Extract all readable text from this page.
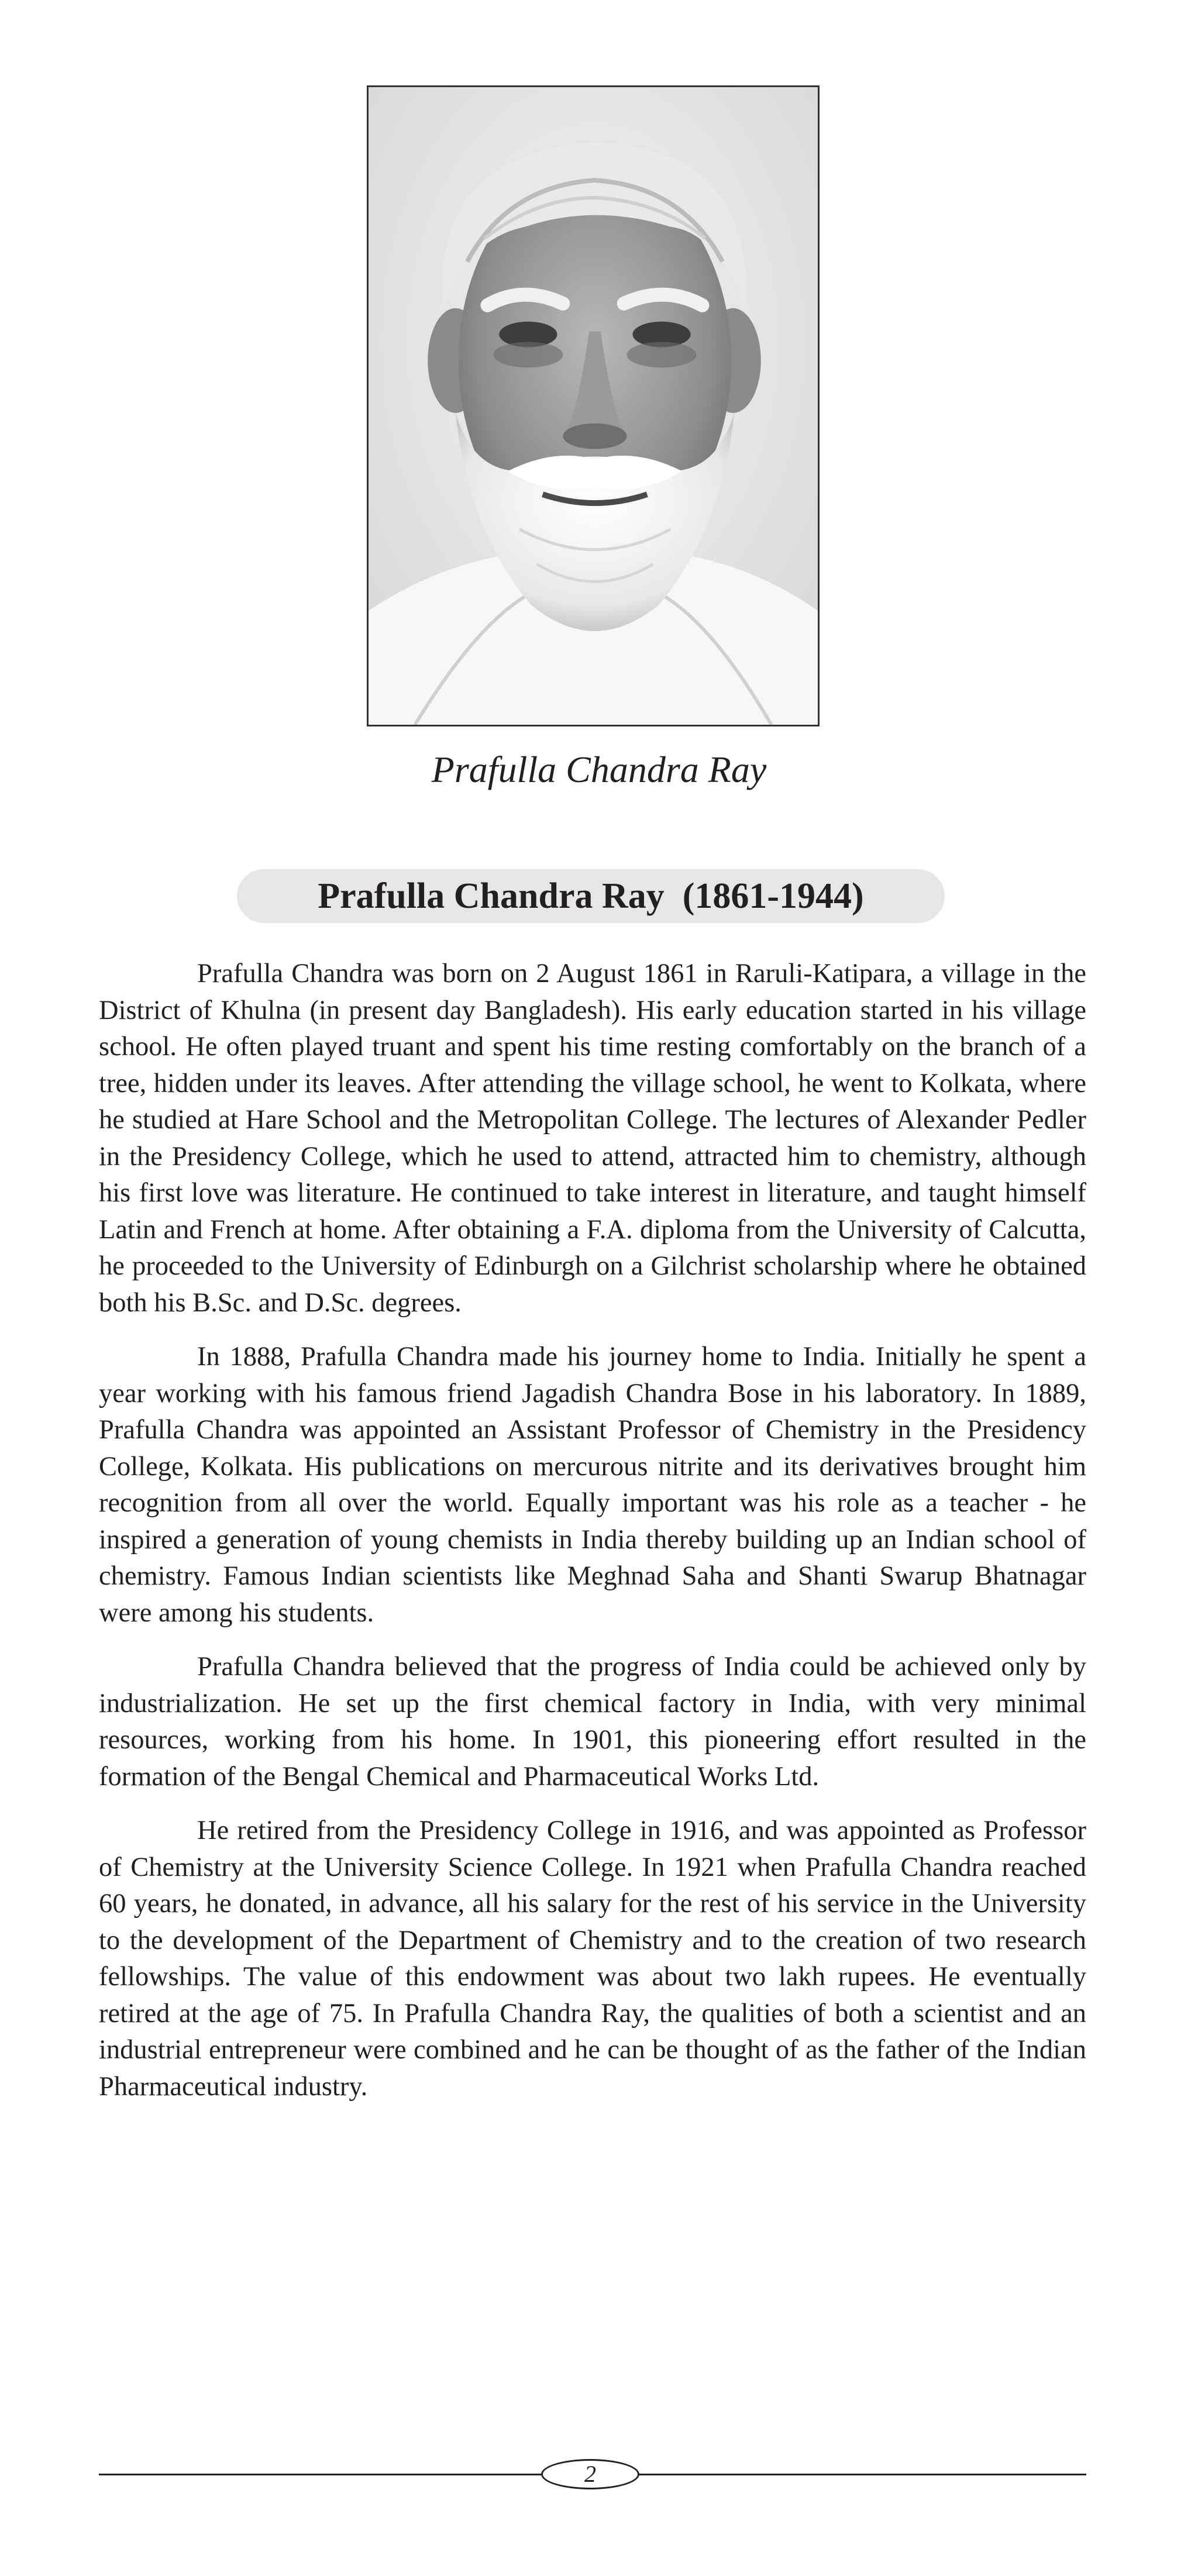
Prafulla Chandra Ray
Prafulla Chandra Ray  (1861-1944)

Prafulla Chandra was born on 2 August 1861 in Raruli-Katipara, a village in the District of Khulna (in present day Bangladesh). His early education started in his village school. He often played truant and spent his time resting comfortably on the branch of a tree, hidden under its leaves. After attending the village school, he went to Kolkata, where he studied at Hare School and the Metropolitan College. The lectures of Alexander Pedler in the Presidency College, which he used to attend, attracted him to chemistry, although his first love was literature. He continued to take interest in literature, and taught himself Latin and French at home. After obtaining a F.A. diploma from the University of Calcutta, he proceeded to the University of Edinburgh on a Gilchrist scholarship where he obtained both his B.Sc. and D.Sc. degrees.

In 1888, Prafulla Chandra made his journey home to India. Initially he spent a year working with his famous friend Jagadish Chandra Bose in his laboratory. In 1889, Prafulla Chandra was appointed an Assistant Professor of Chemistry in the Presidency College, Kolkata. His publications on mercurous nitrite and its derivatives brought him recognition from all over the world. Equally important was his role as a teacher - he inspired a generation of young chemists in India thereby building up an Indian school of chemistry. Famous Indian scientists like Meghnad Saha and Shanti Swarup Bhatnagar were among his students.

Prafulla Chandra believed that the progress of India could be achieved only by industrialization. He set up the first chemical factory in India, with very minimal resources, working from his home. In 1901, this pioneering effort resulted in the formation of the Bengal Chemical and Pharmaceutical Works Ltd.

He retired from the Presidency College in 1916, and was appointed as Professor of Chemistry at the University Science College. In 1921 when Prafulla Chandra reached 60 years, he donated, in advance, all his salary for the rest of his service in the University to the development of the Department of Chemistry and to the creation of two research fellowships. The value of this endowment was about two lakh rupees. He eventually retired at the age of 75. In Prafulla Chandra Ray, the qualities of both a scientist and an industrial entrepreneur were combined and he can be thought of as the father of the Indian Pharmaceutical industry.

2
